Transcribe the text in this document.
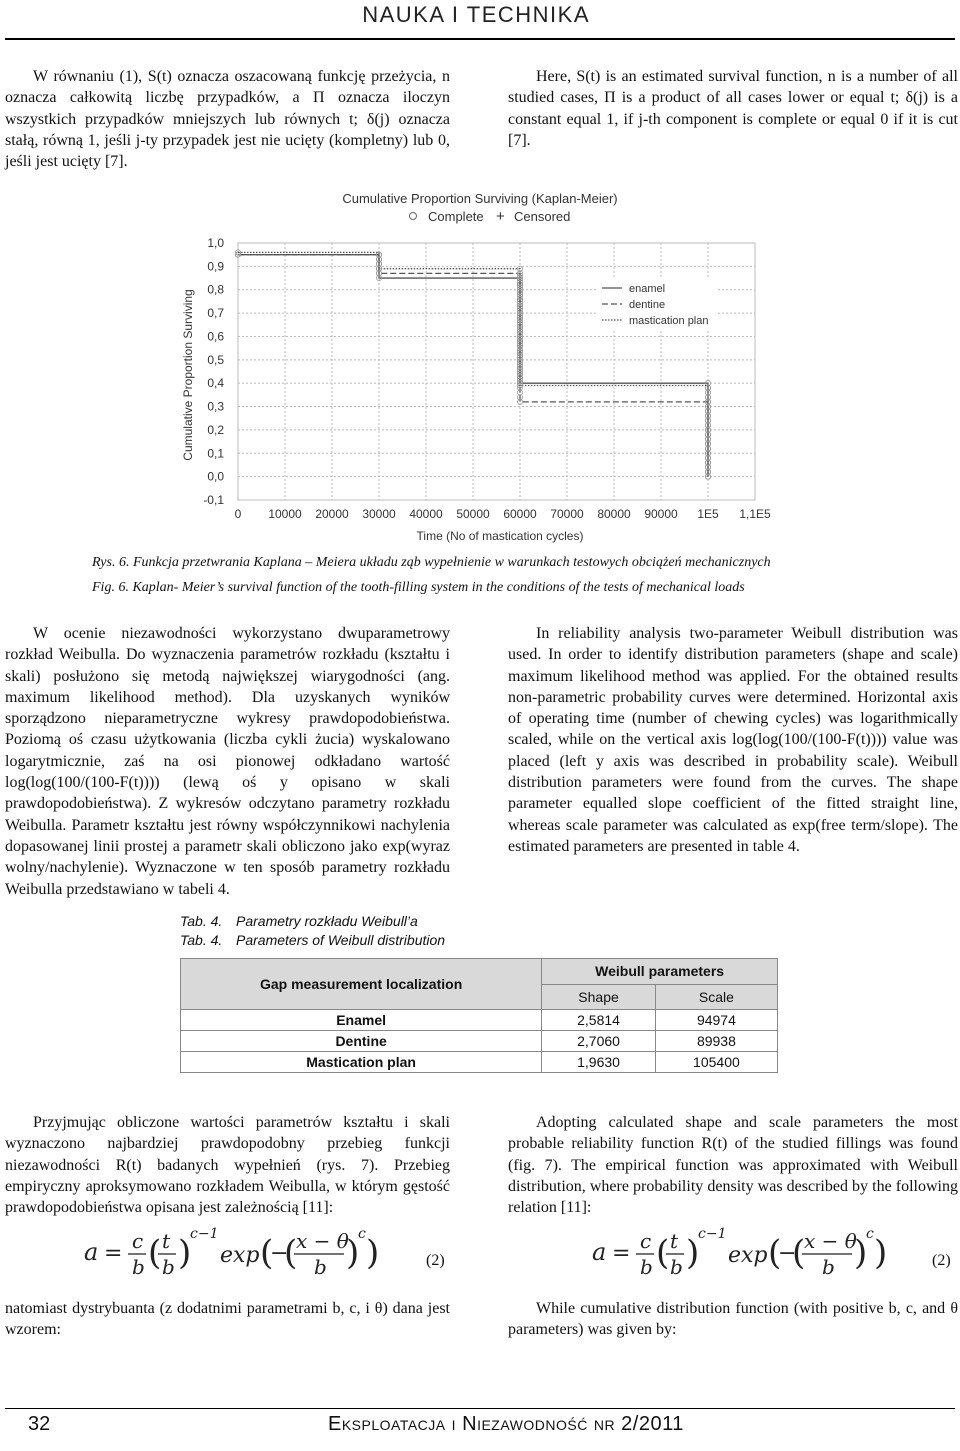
NAUKA I TECHNIKA

W równaniu (1), S(t) oznacza oszacowaną funkcję przeżycia, n oznacza całkowitą liczbę przypadków, a Π oznacza iloczyn wszystkich przypadków mniejszych lub równych t; δ(j) oznacza stałą, równą 1, jeśli j-ty przypadek jest nie ucięty (kompletny) lub 0, jeśli jest ucięty [7].

Here, S(t) is an estimated survival function, n is a number of all studied cases, Π is a product of all cases lower or equal t; δ(j) is a constant equal 1, if j-th component is complete or equal 0 if it is cut [7].

Cumulative Proportion Surviving (Kaplan-Meier)
Complete + Censored
1,0
0,9
0,8
0,7
0,6
0,5
0,4
0,3
0,2
0,1
0,0
-0,1
0 10000 20000 30000 40000 50000 60000 70000 80000 90000 1E5 1,1E5
enamel
dentine
mastication plan
Time (No of mastication cycles)
Cumulative Proportion Surviving
Rys. 6. Funkcja przetwrania Kaplana – Meiera układu ząb wypełnienie w warunkach testowych obciążeń mechanicznych
Fig. 6. Kaplan- Meier’s survival function of the tooth-filling system in the conditions of the tests of mechanical loads

W ocenie niezawodności wykorzystano dwuparametrowy rozkład Weibulla. Do wyznaczenia parametrów rozkładu (kształtu i skali) posłużono się metodą największej wiarygodności (ang. maximum likelihood method). Dla uzyskanych wyników sporządzono nieparametryczne wykresy prawdopodobieństwa. Poziomą oś czasu użytkowania (liczba cykli żucia) wyskalowano logarytmicznie, zaś na osi pionowej odkładano wartość log(log(100/(100-F(t)))) (lewą oś y opisano w skali prawdopodobieństwa). Z wykresów odczytano parametry rozkładu Weibulla. Parametr kształtu jest równy współczynnikowi nachylenia dopasowanej linii prostej a parametr skali obliczono jako exp(wyraz wolny/nachylenie). Wyznaczone w ten sposób parametry rozkładu Weibulla przedstawiano w tabeli 4.

In reliability analysis two-parameter Weibull distribution was used. In order to identify distribution parameters (shape and scale) maximum likelihood method was applied. For the obtained results non-parametric probability curves were determined. Horizontal axis of operating time (number of chewing cycles) was logarithmically scaled, while on the vertical axis log(log(100/(100-F(t)))) value was placed (left y axis was described in probability scale). Weibull distribution parameters were found from the curves. The shape parameter equalled slope coefficient of the fitted straight line, whereas scale parameter was calculated as exp(free term/slope). The estimated parameters are presented in table 4.

Tab. 4. Parametry rozkładu Weibull’a
Tab. 4. Parameters of Weibull distribution
Gap measurement localization	Weibull parameters	
	Shape	Scale
Enamel	2,5814	94974
Dentine	2,7060	89938
Mastication plan	1,9630	105400

Przyjmując obliczone wartości parametrów kształtu i skali wyznaczono najbardziej prawdopodobny przebieg funkcji niezawodności R(t) badanych wypełnień (rys. 7). Przebieg empiryczny aproksymowano rozkładem Weibulla, w którym gęstość prawdopodobieństwa opisana jest zależnością [11]:

Adopting calculated shape and scale parameters the most probable reliability function R(t) of the studied fillings was found (fig. 7). The empirical function was approximated with Weibull distribution, where probability density was described by the following relation [11]:

a = c
b ( t
b )
c−1
exp (
−
(
x − θ
b )
c )	(2)	a = c
b ( t
b )
c−1
exp (
−
(
x − θ
b )
c )	(2)

natomiast dystrybuanta (z dodatnimi parametrami b, c, i θ) dana jest wzorem:

While cumulative distribution function (with positive b, c, and θ parameters) was given by:

32	Eksploatacja i Niezawodność nr 2/2011
